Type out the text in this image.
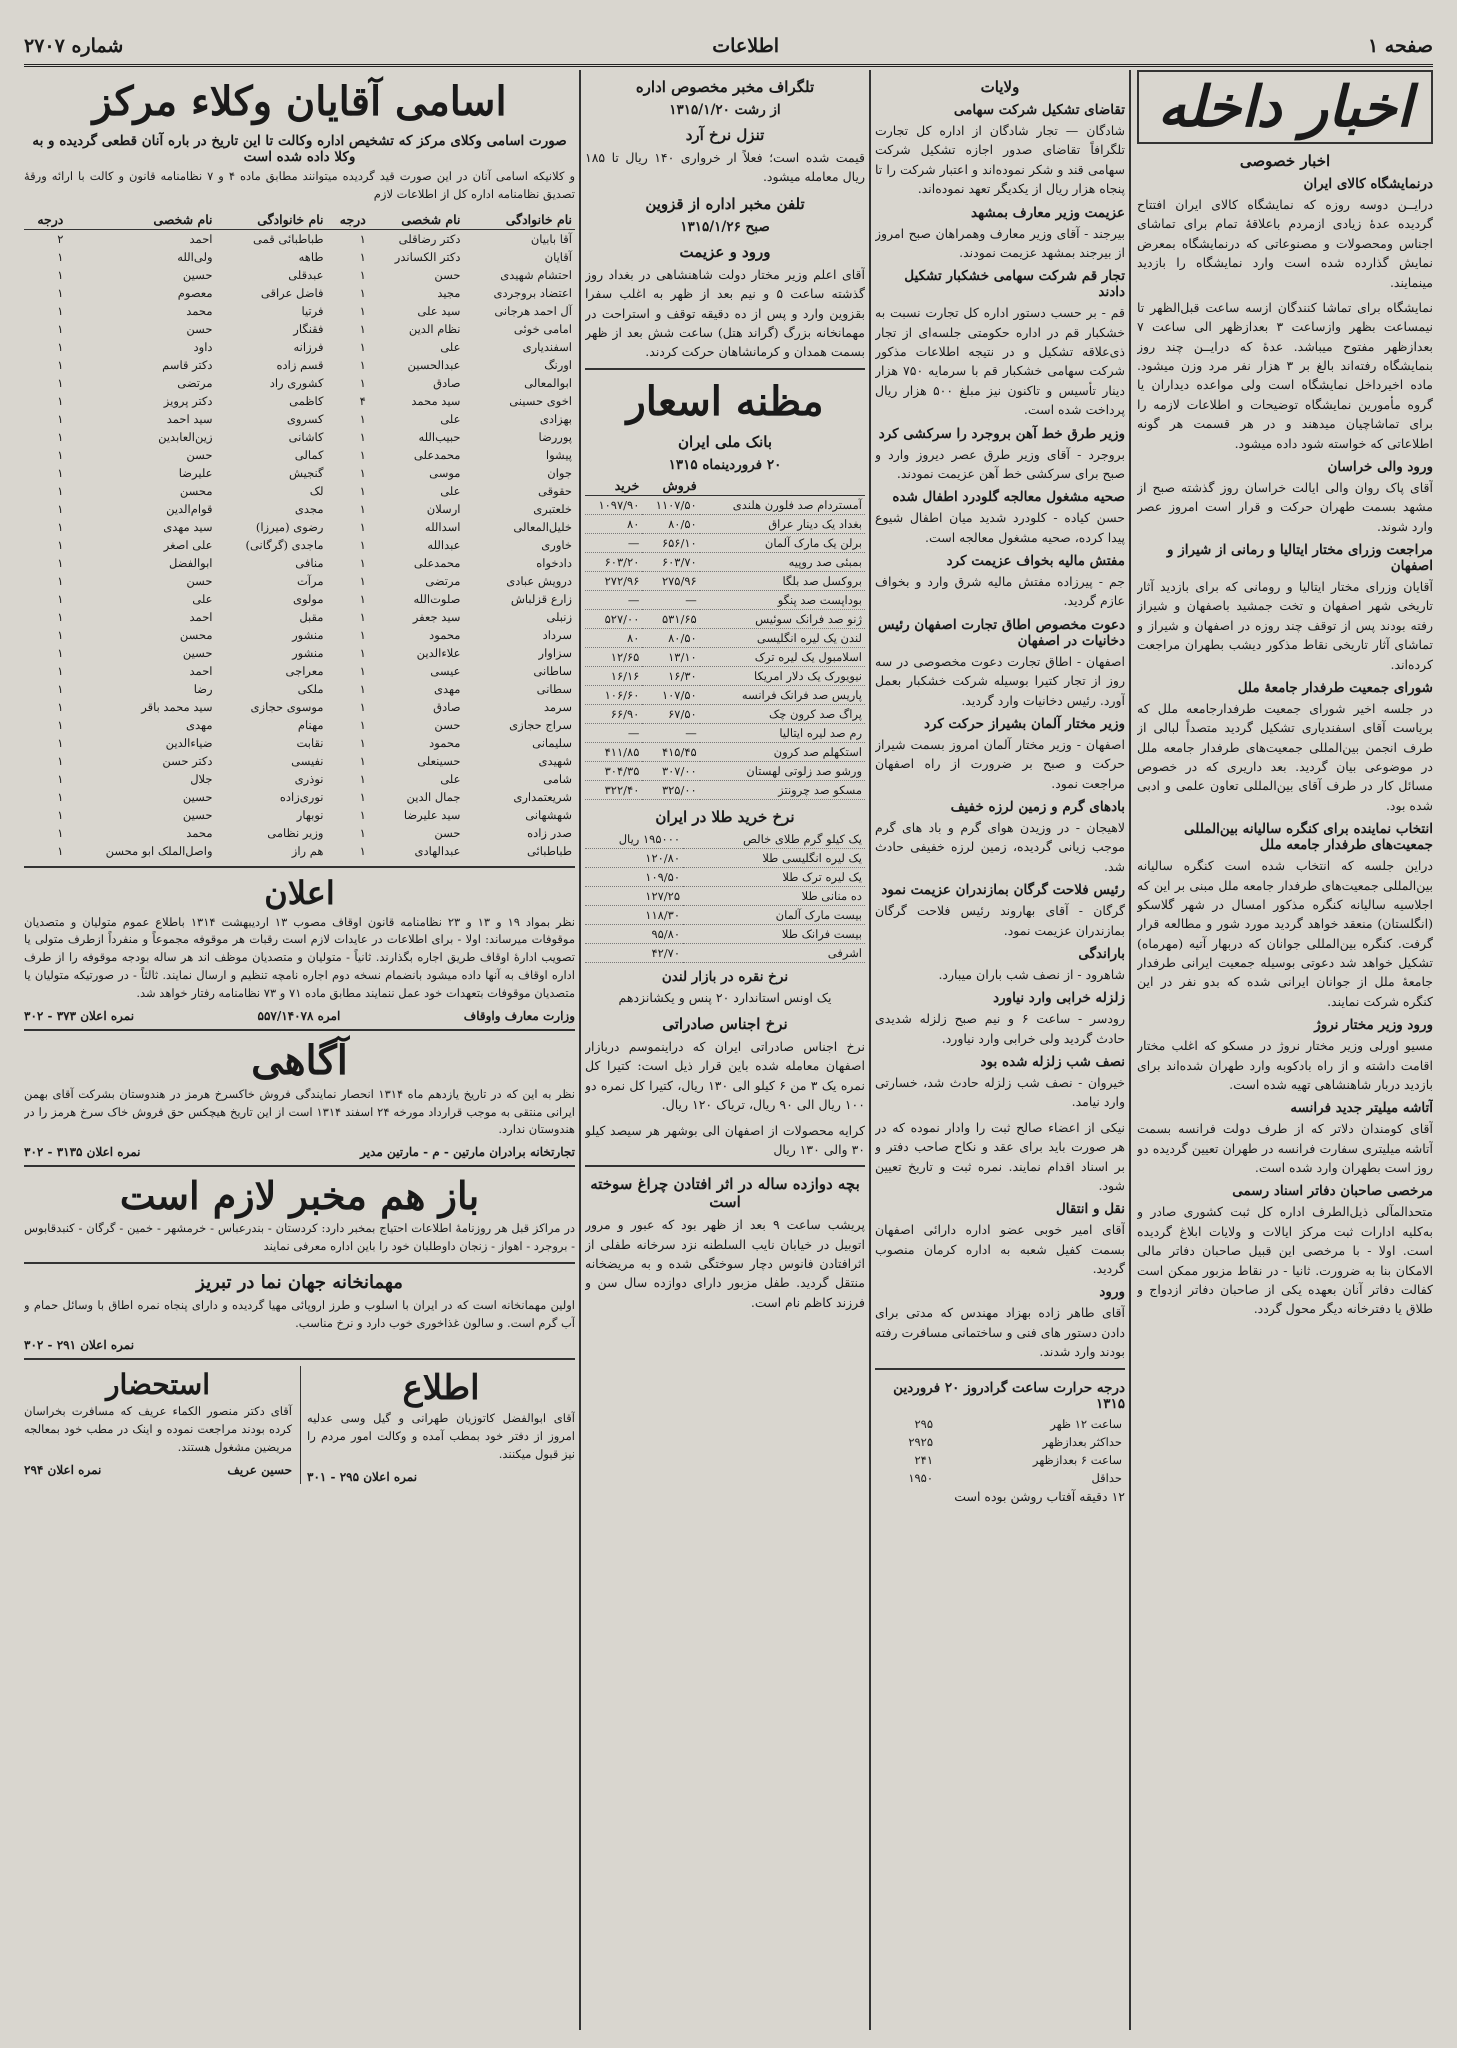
صفحه ۱
اطلاعات
شماره ۲۷۰۷
اخبار داخله
اخبار خصوصی
درنمایشگاه کالای ایران

درایــن دوسه روزه که نمایشگاه کالای ایران افتتاح گردیده عدهٔ زیادی ازمردم باعلاقهٔ تمام برای تماشای اجناس ومحصولات و مصنوعاتی که درنمایشگاه بمعرض نمایش گذارده شده است وارد نمایشگاه را بازدید مینمایند.

نمایشگاه برای تماشا کنندگان ازسه ساعت قبل‌الظهر تا نیمساعت بظهر وازساعت ۳ بعدازظهر الی ساعت ۷ بعدازظهر مفتوح میباشد. عدهٔ که درایــن چند روز بنمایشگاه رفته‌اند بالغ بر ۳ هزار نفر مرد وزن میشود. ماده اخیرداخل نمایشگاه است ولی مواعده دیداران یا گروه مأمورین نمایشگاه توضیحات و اطلاعات لازمه را برای تماشاچیان میدهند و در هر قسمت هر گونه اطلاعاتی که خواسته شود داده میشود.

ورود والی خراسان

آقای پاک روان والی ایالت خراسان روز گذشته صبح از مشهد بسمت طهران حرکت و قرار است امروز عصر وارد شوند.

مراجعت وزرای مختار ایتالیا و رمانی از شیراز و اصفهان

آقایان وزرای مختار ایتالیا و رومانی که برای بازدید آثار تاریخی شهر اصفهان و تخت جمشید باصفهان و شیراز رفته بودند پس از توقف چند روزه در اصفهان و شیراز و تماشای آثار تاریخی نقاط مذکور دیشب بطهران مراجعت کرده‌اند.

شورای جمعیت طرفدار جامعهٔ ملل

در جلسه اخیر شورای جمعیت طرفدارجامعه ملل که بریاست آقای اسفندیاری تشکیل گردید متصداً لبالی از طرف انجمن بین‌المللی جمعیت‌های طرفدار جامعه ملل در موضوعی بیان گردید. بعد داریری که در خصوص مسائل کار در طرف آقای بین‌المللی تعاون علمی و ادبی شده بود.

انتخاب نماینده برای کنگره سالیانه بین‌المللی جمعیت‌های طرفدار جامعه ملل

دراین جلسه که انتخاب شده است کنگره سالیانه بین‌المللی جمعیت‌های طرفدار جامعه ملل مبنی بر این که اجلاسیه سالیانه کنگره مذکور امسال در شهر گلاسکو (انگلستان) منعقد خواهد گردید مورد شور و مطالعه قرار گرفت. کنگره بین‌المللی جوانان که دربهار آتیه (مهرماه) تشکیل خواهد شد دعوتی بوسیله جمعیت ایرانی طرفدار جامعهٔ ملل از جوانان ایرانی شده که بدو نفر در این کنگره شرکت نمایند.

ورود وزیر مختار نروژ

مسیو اورلی وزیر مختار نروژ در مسکو که اغلب مختار اقامت داشته و از راه بادکوبه وارد طهران شده‌اند برای بازدید دربار شاهنشاهی تهیه شده است.

آتاشه میلیتر جدید فرانسه

آقای کومندان دلاتر که از طرف دولت فرانسه بسمت آتاشه میلیتری سفارت فرانسه در طهران تعیین گردیده دو روز است بطهران وارد شده است.

مرخصی صاحبان دفاتر اسناد رسمی

متحدالمآلی ذیل‌الطرف اداره کل ثبت کشوری صادر و به‌کلیه ادارات ثبت مرکز ایالات و ولایات ابلاغ گردیده است. اولا - با مرخصی این قبیل صاحبان دفاتر مالی الامکان بنا به ضرورت. ثانیا - در نقاط مزبور ممکن است کفالت دفاتر آنان بعهده یکی از صاحبان دفاتر ازدواج و طلاق یا دفترخانه دیگر محول گردد.

ولایات
تقاضای تشکیل شرکت سهامی

شادگان — تجار شادگان از اداره کل تجارت تلگرافاً تقاضای صدور اجازه تشکیل شرکت سهامی قند و شکر نموده‌اند و اعتبار شرکت را تا پنجاه هزار ریال از یکدیگر تعهد نموده‌اند.

عزیمت وزیر معارف بمشهد

بیرجند - آقای وزیر معارف وهمراهان صبح امروز از بیرجند بمشهد عزیمت نمودند.

تجار قم شرکت سهامی خشکبار تشکیل دادند

قم - بر حسب دستور اداره کل تجارت نسبت به خشکبار قم در اداره حکومتی جلسه‌ای از تجار ذی‌علاقه تشکیل و در نتیجه اطلاعات مذکور شرکت سهامی خشکبار قم با سرمایه ۷۵۰ هزار دینار تأسیس و تاکنون نیز مبلغ ۵۰۰ هزار ریال پرداخت شده است.

وزیر طرق خط آهن بروجرد را سرکشی کرد

بروجرد - آقای وزیر طرق عصر دیروز وارد و صبح برای سرکشی خط آهن عزیمت نمودند.

صحیه مشغول معالجه گلودرد اطفال شده

حسن کیاده - کلودرد شدید میان اطفال شیوع پیدا کرده، صحیه مشغول معالجه است.

مفتش مالیه بخواف عزیمت کرد

جم - پیرزاده مفتش مالیه شرق وارد و بخواف عازم گردید.

دعوت مخصوص اطاق تجارت اصفهان رئیس دخانیات در اصفهان

اصفهان - اطاق تجارت دعوت مخصوصی در سه روز از تجار کتیرا بوسیله شرکت خشکبار بعمل آورد. رئیس دخانیات وارد گردید.

وزیر مختار آلمان بشیراز حرکت کرد

اصفهان - وزیر مختار آلمان امروز بسمت شیراز حرکت و صبح بر ضرورت از راه اصفهان مراجعت نمود.

بادهای گرم و زمین لرزه خفیف

لاهیجان - در وزیدن هوای گرم و باد های گرم موجب زیانی گردیده، زمین لرزه خفیفی حادث شد.

رئیس فلاحت گرگان بمازندران عزیمت نمود

گرگان - آقای بهاروند رئیس فلاحت گرگان بمازندران عزیمت نمود.

باراندگی

شاهرود - از نصف شب باران میبارد.

زلزله خرابی وارد نیاورد

رودسر - ساعت ۶ و نیم صبح زلزله شدیدی حادث گردید ولی خرابی وارد نیاورد.

نصف شب زلزله شده بود

خیروان - نصف شب زلزله حادث شد، خسارتی وارد نیامد.

نیکی از اعضاء صالح ثبت را وادار نموده که در هر صورت باید برای عقد و نکاح صاحب دفتر و بر اسناد اقدام نمایند. نمره ثبت و تاریخ تعیین شود.

نقل و انتقال

آقای امیر خوبی عضو اداره دارائی اصفهان بسمت کفیل شعبه به اداره کرمان منصوب گردید.

ورود

آقای طاهر زاده بهزاد مهندس که مدتی برای دادن دستور های فنی و ساختمانی مسافرت رفته بودند وارد شدند.

درجه حرارت ساعت گرادروز ۲۰ فروردین ۱۳۱۵
ساعت ۱۲ ظهر	۲۹۵
حداکثر بعدازظهر	۲۹۲۵
ساعت ۶ بعدازظهر	۲۴۱
حداقل	۱۹۵۰

۱۲ دقیقه آفتاب روشن بوده است

تلگراف مخبر مخصوص اداره
از رشت ۱۳۱۵/۱/۲۰
تنزل نرخ آرد

قیمت شده است؛ فعلاً ار خرواری ۱۴۰ ریال تا ۱۸۵ ریال معامله میشود.

تلفن مخبر اداره از قزوین
صبح ۱۳۱۵/۱/۲۶
ورود و عزیمت

آقای اعلم وزیر مختار دولت شاهنشاهی در بغداد روز گذشته ساعت ۵ و نیم بعد از ظهر به اغلب سفرا بقزوین وارد و پس از ده دقیقه توقف و استراحت در مهمانخانه بزرگ (گراند هتل) ساعت شش بعد از ظهر بسمت همدان و کرمانشاهان حرکت کردند.

مظنه اسعار
بانک ملی ایران
۲۰ فروردینماه ۱۳۱۵
	فروش	خرید
آمستردام صد فلورن هلندی	۱۱۰۷/۵۰	۱۰۹۷/۹۰
بغداد یک دینار عراق	۸۰/۵۰	۸۰
برلن یک مارک آلمان	۶۵۶/۱۰	—
بمبئی صد روپیه	۶۰۳/۷۰	۶۰۳/۲۰
بروکسل صد بلگا	۲۷۵/۹۶	۲۷۲/۹۶
بوداپست صد پنگو	—	—
ژنو صد فرانک سوئیس	۵۳۱/۶۵	۵۲۷/۰۰
لندن یک لیره انگلیسی	۸۰/۵۰	۸۰
اسلامبول یک لیره ترک	۱۳/۱۰	۱۲/۶۵
نیویورک یک دلار امریکا	۱۶/۳۰	۱۶/۱۶
پاریس صد فرانک فرانسه	۱۰۷/۵۰	۱۰۶/۶۰
پراگ صد کرون چک	۶۷/۵۰	۶۶/۹۰
رم صد لیره ایتالیا	—	—
استکهلم صد کرون	۴۱۵/۴۵	۴۱۱/۸۵
ورشو صد زلوتی لهستان	۳۰۷/۰۰	۳۰۴/۳۵
مسکو صد چرونتز	۳۲۵/۰۰	۳۲۲/۴۰
نرخ خرید طلا در ایران
یک کیلو گرم طلای خالص	۱۹۵۰۰۰ ریال
یک لیره انگلیسی طلا	۱۲۰/۸۰
یک لیره ترک طلا	۱۰۹/۵۰
ده منانی طلا	۱۲۷/۲۵
بیست مارک آلمان	۱۱۸/۳۰
بیست فرانک طلا	۹۵/۸۰
اشرفی	۴۲/۷۰
نرخ نقره در بازار لندن

یک اونس استاندارد ۲۰ پنس و یکشانزدهم

نرخ اجناس صادراتی

نرخ اجناس صادراتی ایران که دراینموسم دربازار اصفهان معامله شده باین قرار ذیل است: کتیرا کل نمره یک ۳ من ۶ کیلو الی ۱۳۰ ریال، کتیرا کل نمره دو ۱۰۰ ریال الی ۹۰ ریال، تریاک ۱۲۰ ریال.

کرایه محصولات از اصفهان الی بوشهر هر سیصد کیلو ۳۰ والی ۱۳۰ ریال

بچه دوازده ساله در اثر افتادن چراغ سوخته است

پریشب ساعت ۹ بعد از ظهر بود که عبور و مرور اتوبیل در خیابان نایب السلطنه نزد سرخانه طفلی از اثرافتادن فانوس دچار سوختگی شده و به مریضخانه منتقل گردید. طفل مزبور دارای دوازده سال سن و فرزند کاظم نام است.

اسامی آقایان وکلاء مرکز
صورت اسامی وکلای مرکز که تشخیص اداره وکالت تا این تاریخ در باره آنان قطعی گردیده و به وکلا داده شده است

و کلانیکه اسامی آنان در این صورت قید گردیده میتوانند مطابق ماده ۴ و ۷ نظامنامه قانون و کالت با ارائه ورقهٔ تصدیق نظامنامه اداره کل از اطلاعات لازم

نام خانوادگی	نام شخصی	درجه	نام خانوادگی	نام شخصی	درجه
آقا بابیان	دکتر رضاقلی	۱	طباطبائی قمی	احمد	۲
آقایان	دکتر الکساندر	۱	طاهه	ولی‌الله	۱
احتشام شهیدی	حسن	۱	عبدقلی	حسین	۱
اعتضاد بروجردی	مجید	۱	فاضل عراقی	معصوم	۱
آل احمد هرجانی	سید علی	۱	فرتیا	محمد	۱
امامی خوئی	نظام الدین	۱	فقنگار	حسن	۱
اسفندیاری	علی	۱	فرزانه	داود	۱
اورنگ	عبدالحسین	۱	قسم زاده	دکتر قاسم	۱
ابوالمعالی	صادق	۱	کشوری راد	مرتضی	۱
اخوی حسینی	سید محمد	۴	کاظمی	دکتر پرویز	۱
بهزادی	علی	۱	کسروی	سید احمد	۱
پوررضا	حبیب‌الله	۱	کاشانی	زین‌العابدین	۱
پیشوا	محمدعلی	۱	کمالی	حسن	۱
جوان	موسی	۱	گنجیش	علیرضا	۱
حقوقی	علی	۱	لک	محسن	۱
خلعتبری	ارسلان	۱	مجدی	قوام‌الدین	۱
خلیل‌المعالی	اسدالله	۱	رضوی (میرزا)	سید مهدی	۱
خاوری	عبدالله	۱	ماجدی (گرگانی)	علی اصغر	۱
دادخواه	محمدعلی	۱	منافی	ابوالفضل	۱
درویش عبادی	مرتضی	۱	مرآت	حسن	۱
زارع قزلباش	صلوت‌الله	۱	مولوی	علی	۱
زنبلی	سید جعفر	۱	مقبل	احمد	۱
سرداد	محمود	۱	منشور	محسن	۱
سزاوار	علاءالدین	۱	منشور	حسین	۱
ساطانی	عیسی	۱	معراجی	احمد	۱
سطانی	مهدی	۱	ملکی	رضا	۱
سرمد	صادق	۱	موسوی حجازی	سید محمد باقر	۱
سراج حجازی	حسن	۱	مهنام	مهدی	۱
سلیمانی	محمود	۱	نقابت	ضیاءالدین	۱
شهیدی	حسینعلی	۱	نفیسی	دکتر حسن	۱
شامی	علی	۱	نوذری	جلال	۱
شریعتمداری	جمال الدین	۱	نوری‌زاده	حسین	۱
شهشهانی	سید علیرضا	۱	نوبهار	حسین	۱
صدر زاده	حسن	۱	وزیر نظامی	محمد	۱
طباطبائی	عبدالهادی	۱	هم راز	واصل‌الملک ابو محسن	۱
اعلان

نظر بمواد ۱۹ و ۱۳ و ۲۳ نظامنامه قانون اوقاف مصوب ۱۳ اردیبهشت ۱۳۱۴ باطلاع عموم متولیان و متصدیان موقوفات میرساند: اولا - برای اطلاعات در عایدات لازم است رقبات هر موقوفه مجموعاً و منفرداً ازطرف متولی یا تصویب ادارهٔ اوقاف طریق اجاره بگذارند. ثانیاً - متولیان و متصدیان موظف اند هر ساله بودجه موقوفه را از طرف اداره اوقاف به آنها داده میشود بانضمام نسخه دوم اجاره نامچه تنظیم و ارسال نمایند. ثالثاً - در صورتیکه متولیان یا متصدیان موقوفات بتعهدات خود عمل ننمایند مطابق ماده ۷۱ و ۷۳ نظامنامه رفتار خواهد شد.

وزارت معارف واوقاف
امره ۵۵۷/۱۴۰۷۸
نمره اعلان ۳۷۳ - ۳۰۲
آگاهی

نظر به این که در تاریخ یازدهم ماه ۱۳۱۴ انحصار نمایندگی فروش خاکسرخ هرمز در هندوستان بشرکت آقای بهمن ایرانی منتقی به موجب قرارداد مورخه ۲۴ اسفند ۱۳۱۴ است از این تاریخ هیچکس حق فروش خاک سرخ هرمز را در هندوستان ندارد.

تجارتخانه برادران مارتین - م - مارتین مدیر
نمره اعلان ۳۱۳۵ - ۳۰۲
باز هم مخبر لازم است

در مراکز قبل هر روزنامهٔ اطلاعات احتیاج بمخبر دارد: کردستان - بندرعباس - خرمشهر - خمین - گرگان - کنبدقابوس - بروجرد - اهواز - زنجان داوطلبان خود را باین اداره معرفی نمایند

مهمانخانه جهان نما در تبریز

اولین مهمانخانه است که در ایران با اسلوب و طرز اروپائی مهیا گردیده و دارای پنجاه نمره اطاق با وسائل حمام و آب گرم است. و سالون غذاخوری خوب دارد و نرخ مناسب.

نمره اعلان ۲۹۱ - ۳۰۲
اطلاع

آقای ابوالفضل کاتوزیان طهرانی و گیل وسی عدلیه امروز از دفتر خود بمطب آمده و وکالت امور مردم را نیز قبول میکنند.

نمره اعلان ۲۹۵ - ۳۰۱
استحضار

آقای دکتر منصور الکماء عریف که مسافرت بخراسان کرده بودند مراجعت نموده و اینک در مطب خود بمعالجه مریضین مشغول هستند.

حسین عریف
نمره اعلان ۲۹۴
